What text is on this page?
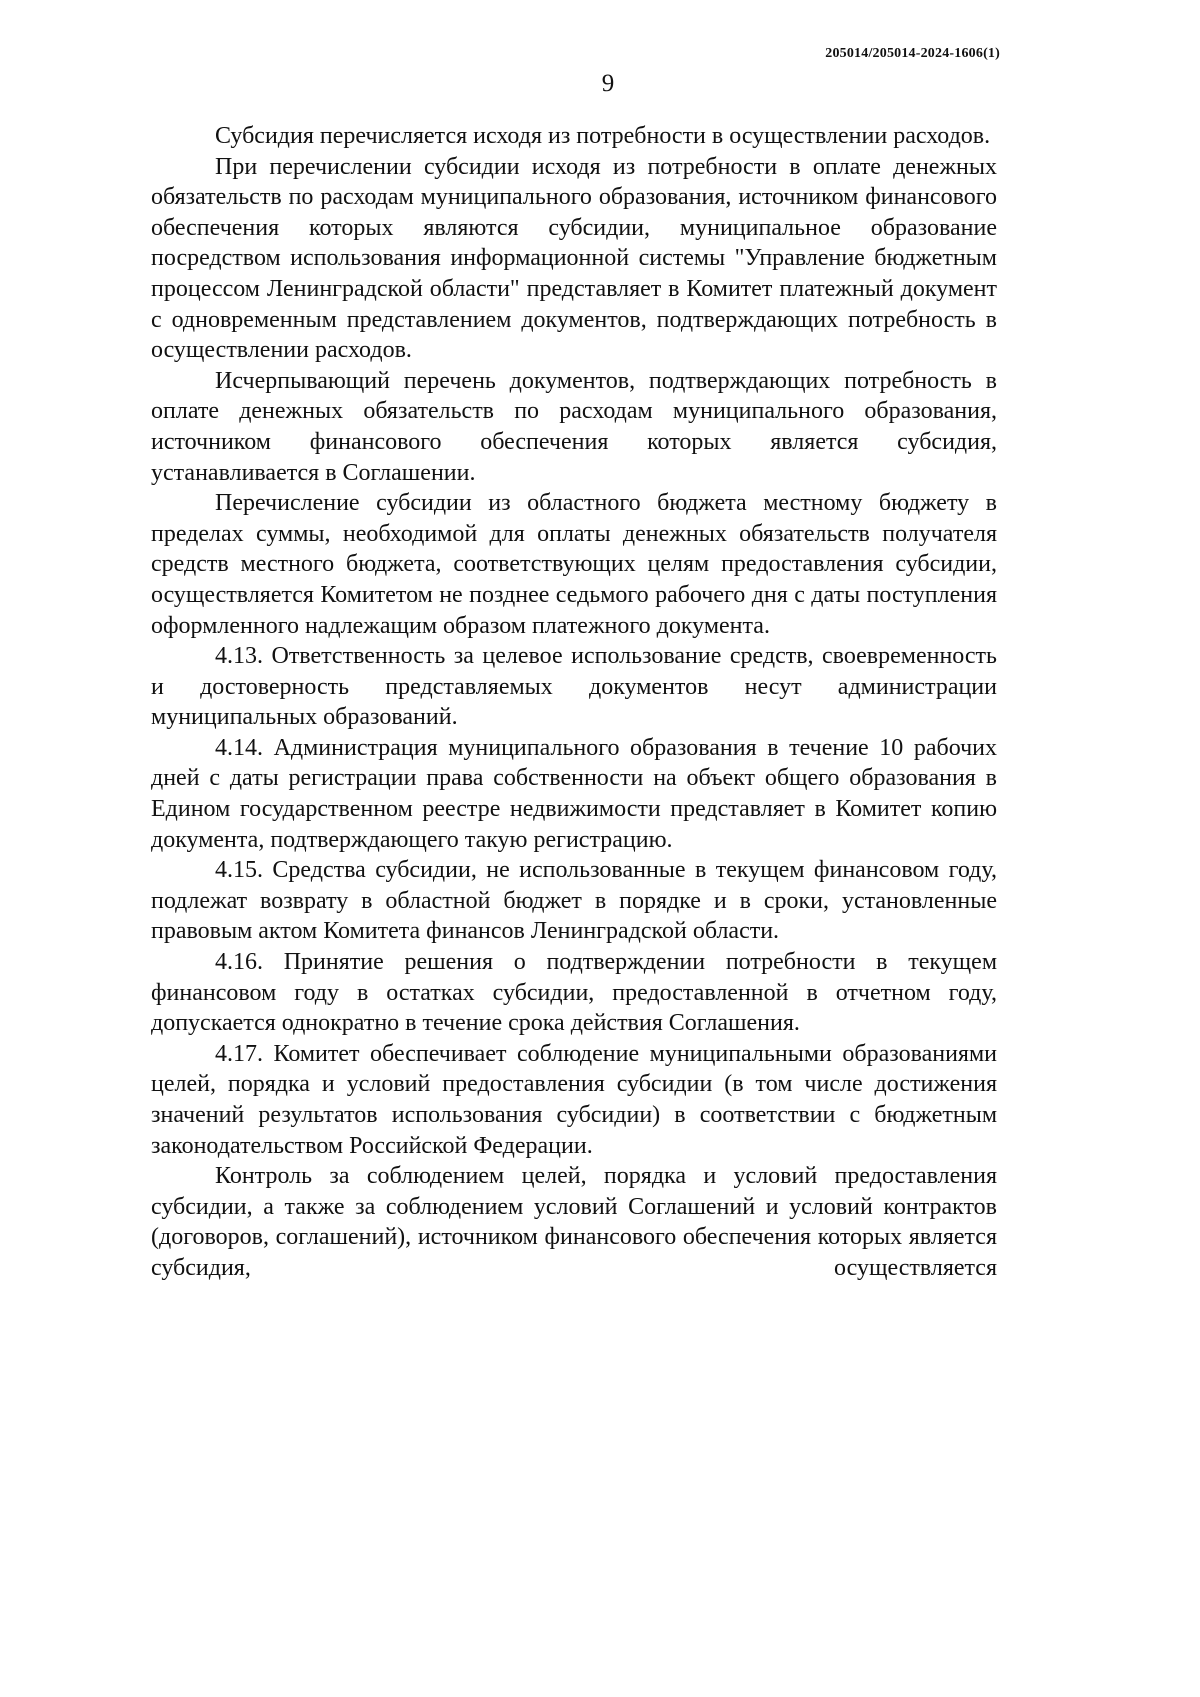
205014/205014-2024-1606(1)
9

Субсидия перечисляется исходя из потребности в осуществлении расходов.

При перечислении субсидии исходя из потребности в оплате денежных обязательств по расходам муниципального образования, источником финансового обеспечения которых являются субсидии, муниципальное образование посредством использования информационной системы "Управление бюджетным процессом Ленинградской области" представляет в Комитет платежный документ с одновременным представлением документов, подтверждающих потребность в осуществлении расходов.

Исчерпывающий перечень документов, подтверждающих потребность в оплате денежных обязательств по расходам муниципального образования, источником финансового обеспечения которых является субсидия, устанавливается в Соглашении.

Перечисление субсидии из областного бюджета местному бюджету в пределах суммы, необходимой для оплаты денежных обязательств получателя средств местного бюджета, соответствующих целям предоставления субсидии, осуществляется Комитетом не позднее седьмого рабочего дня с даты поступления оформленного надлежащим образом платежного документа.

4.13. Ответственность за целевое использование средств, своевременность и достоверность представляемых документов несут администрации муниципальных образований.

4.14. Администрация муниципального образования в течение 10 рабочих дней с даты регистрации права собственности на объект общего образования в Едином государственном реестре недвижимости представляет в Комитет копию документа, подтверждающего такую регистрацию.

4.15. Средства субсидии, не использованные в текущем финансовом году, подлежат возврату в областной бюджет в порядке и в сроки, установленные правовым актом Комитета финансов Ленинградской области.

4.16. Принятие решения о подтверждении потребности в текущем финансовом году в остатках субсидии, предоставленной в отчетном году, допускается однократно в течение срока действия Соглашения.

4.17. Комитет обеспечивает соблюдение муниципальными образованиями целей, порядка и условий предоставления субсидии (в том числе достижения значений результатов использования субсидии) в соответствии с бюджетным законодательством Российской Федерации.

Контроль за соблюдением целей, порядка и условий предоставления субсидии, а также за соблюдением условий Соглашений и условий контрактов (договоров, соглашений), источником финансового обеспечения которых является субсидия, осуществляется
